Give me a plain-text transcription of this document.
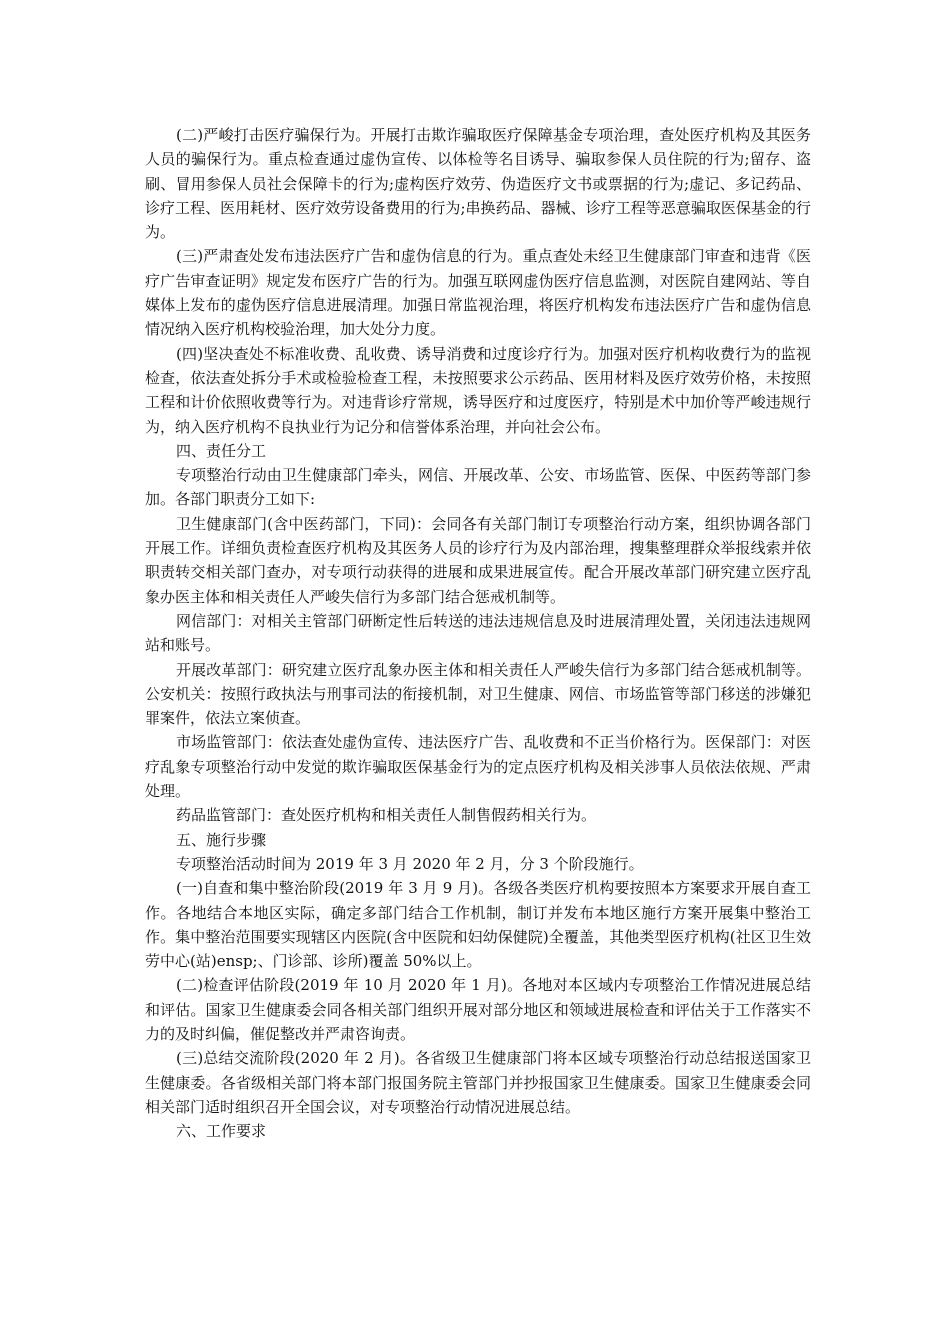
(二)严峻打击医疗骗保行为。开展打击欺诈骗取医疗保障基金专项治理，查处医疗机构及其医务人员的骗保行为。重点检查通过虚伪宣传、以体检等名目诱导、骗取参保人员住院的行为;留存、盗刷、冒用参保人员社会保障卡的行为;虚构医疗效劳、伪造医疗文书或票据的行为;虚记、多记药品、诊疗工程、医用耗材、医疗效劳设备费用的行为;串换药品、器械、诊疗工程等恶意骗取医保基金的行为。

(三)严肃查处发布违法医疗广告和虚伪信息的行为。重点查处未经卫生健康部门审查和违背《医疗广告审查证明》规定发布医疗广告的行为。加强互联网虚伪医疗信息监测，对医院自建网站、等自媒体上发布的虚伪医疗信息进展清理。加强日常监视治理，将医疗机构发布违法医疗广告和虚伪信息情况纳入医疗机构校验治理，加大处分力度。

(四)坚决查处不标准收费、乱收费、诱导消费和过度诊疗行为。加强对医疗机构收费行为的监视检查，依法查处拆分手术或检验检查工程，未按照要求公示药品、医用材料及医疗效劳价格，未按照工程和计价依照收费等行为。对违背诊疗常规，诱导医疗和过度医疗，特别是术中加价等严峻违规行为，纳入医疗机构不良执业行为记分和信誉体系治理，并向社会公布。

四、责任分工

专项整治行动由卫生健康部门牵头，网信、开展改革、公安、市场监管、医保、中医药等部门参加。各部门职责分工如下:

卫生健康部门(含中医药部门，下同)：会同各有关部门制订专项整治行动方案，组织协调各部门开展工作。详细负责检查医疗机构及其医务人员的诊疗行为及内部治理，搜集整理群众举报线索并依职责转交相关部门查办，对专项行动获得的进展和成果进展宣传。配合开展改革部门研究建立医疗乱象办医主体和相关责任人严峻失信行为多部门结合惩戒机制等。

网信部门：对相关主管部门研断定性后转送的违法违规信息及时进展清理处置，关闭违法违规网站和账号。

开展改革部门：研究建立医疗乱象办医主体和相关责任人严峻失信行为多部门结合惩戒机制等。公安机关：按照行政执法与刑事司法的衔接机制，对卫生健康、网信、市场监管等部门移送的涉嫌犯罪案件，依法立案侦查。

市场监管部门：依法查处虚伪宣传、违法医疗广告、乱收费和不正当价格行为。医保部门：对医疗乱象专项整治行动中发觉的欺诈骗取医保基金行为的定点医疗机构及相关涉事人员依法依规、严肃处理。

药品监管部门：查处医疗机构和相关责任人制售假药相关行为。

五、施行步骤

专项整治活动时间为 2019 年 3 月 2020 年 2 月，分 3 个阶段施行。

(一)自查和集中整治阶段(2019 年 3 月 9 月)。各级各类医疗机构要按照本方案要求开展自查工作。各地结合本地区实际，确定多部门结合工作机制，制订并发布本地区施行方案开展集中整治工作。集中整治范围要实现辖区内医院(含中医院和妇幼保健院)全覆盖，其他类型医疗机构(社区卫生效劳中心(站)ensp;、门诊部、诊所)覆盖 50%以上。

(二)检查评估阶段(2019 年 10 月 2020 年 1 月)。各地对本区域内专项整治工作情况进展总结和评估。国家卫生健康委会同各相关部门组织开展对部分地区和领域进展检查和评估关于工作落实不力的及时纠偏，催促整改并严肃咨询责。

(三)总结交流阶段(2020 年 2 月)。各省级卫生健康部门将本区域专项整治行动总结报送国家卫生健康委。各省级相关部门将本部门报国务院主管部门并抄报国家卫生健康委。国家卫生健康委会同相关部门适时组织召开全国会议，对专项整治行动情况进展总结。

六、工作要求
